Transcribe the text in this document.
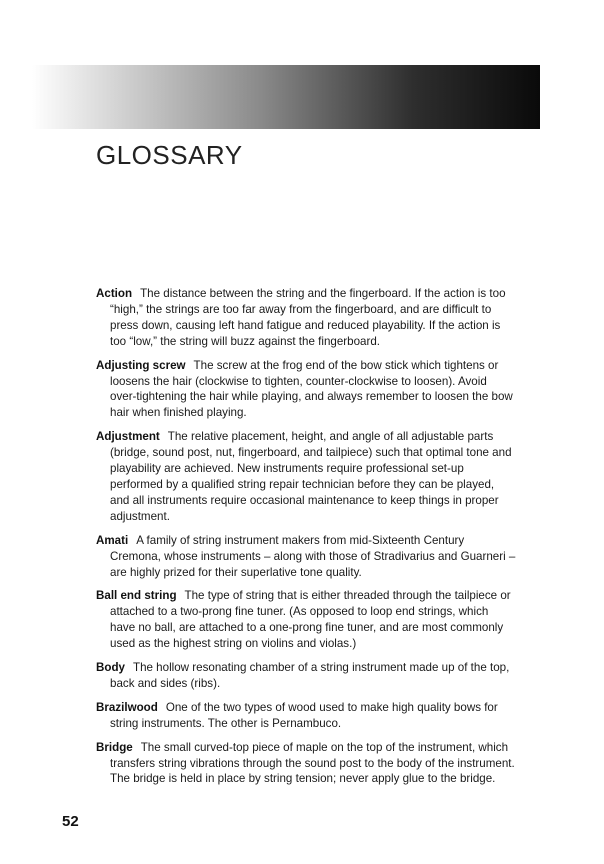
GLOSSARY

Action The distance between the string and the fingerboard. If the action is too “high,” the strings are too far away from the fingerboard, and are difficult to press down, causing left hand fatigue and reduced playability. If the action is too “low,” the string will buzz against the fingerboard.

Adjusting screw The screw at the frog end of the bow stick which tightens or loosens the hair (clockwise to tighten, counter-clockwise to loosen). Avoid over-tightening the hair while playing, and always remember to loosen the bow hair when finished playing.

Adjustment The relative placement, height, and angle of all adjustable parts (bridge, sound post, nut, fingerboard, and tailpiece) such that optimal tone and playability are achieved. New instruments require professional set-up performed by a qualified string repair technician before they can be played, and all instruments require occasional maintenance to keep things in proper adjustment.

Amati A family of string instrument makers from mid-Sixteenth Century Cremona, whose instruments – along with those of Stradivarius and Guarneri – are highly prized for their superlative tone quality.

Ball end string The type of string that is either threaded through the tailpiece or attached to a two-prong fine tuner. (As opposed to loop end strings, which have no ball, are attached to a one-prong fine tuner, and are most commonly used as the highest string on violins and violas.)

Body The hollow resonating chamber of a string instrument made up of the top, back and sides (ribs).

Brazilwood One of the two types of wood used to make high quality bows for string instruments. The other is Pernambuco.

Bridge The small curved-top piece of maple on the top of the instrument, which transfers string vibrations through the sound post to the body of the instrument. The bridge is held in place by string tension; never apply glue to the bridge.

52
